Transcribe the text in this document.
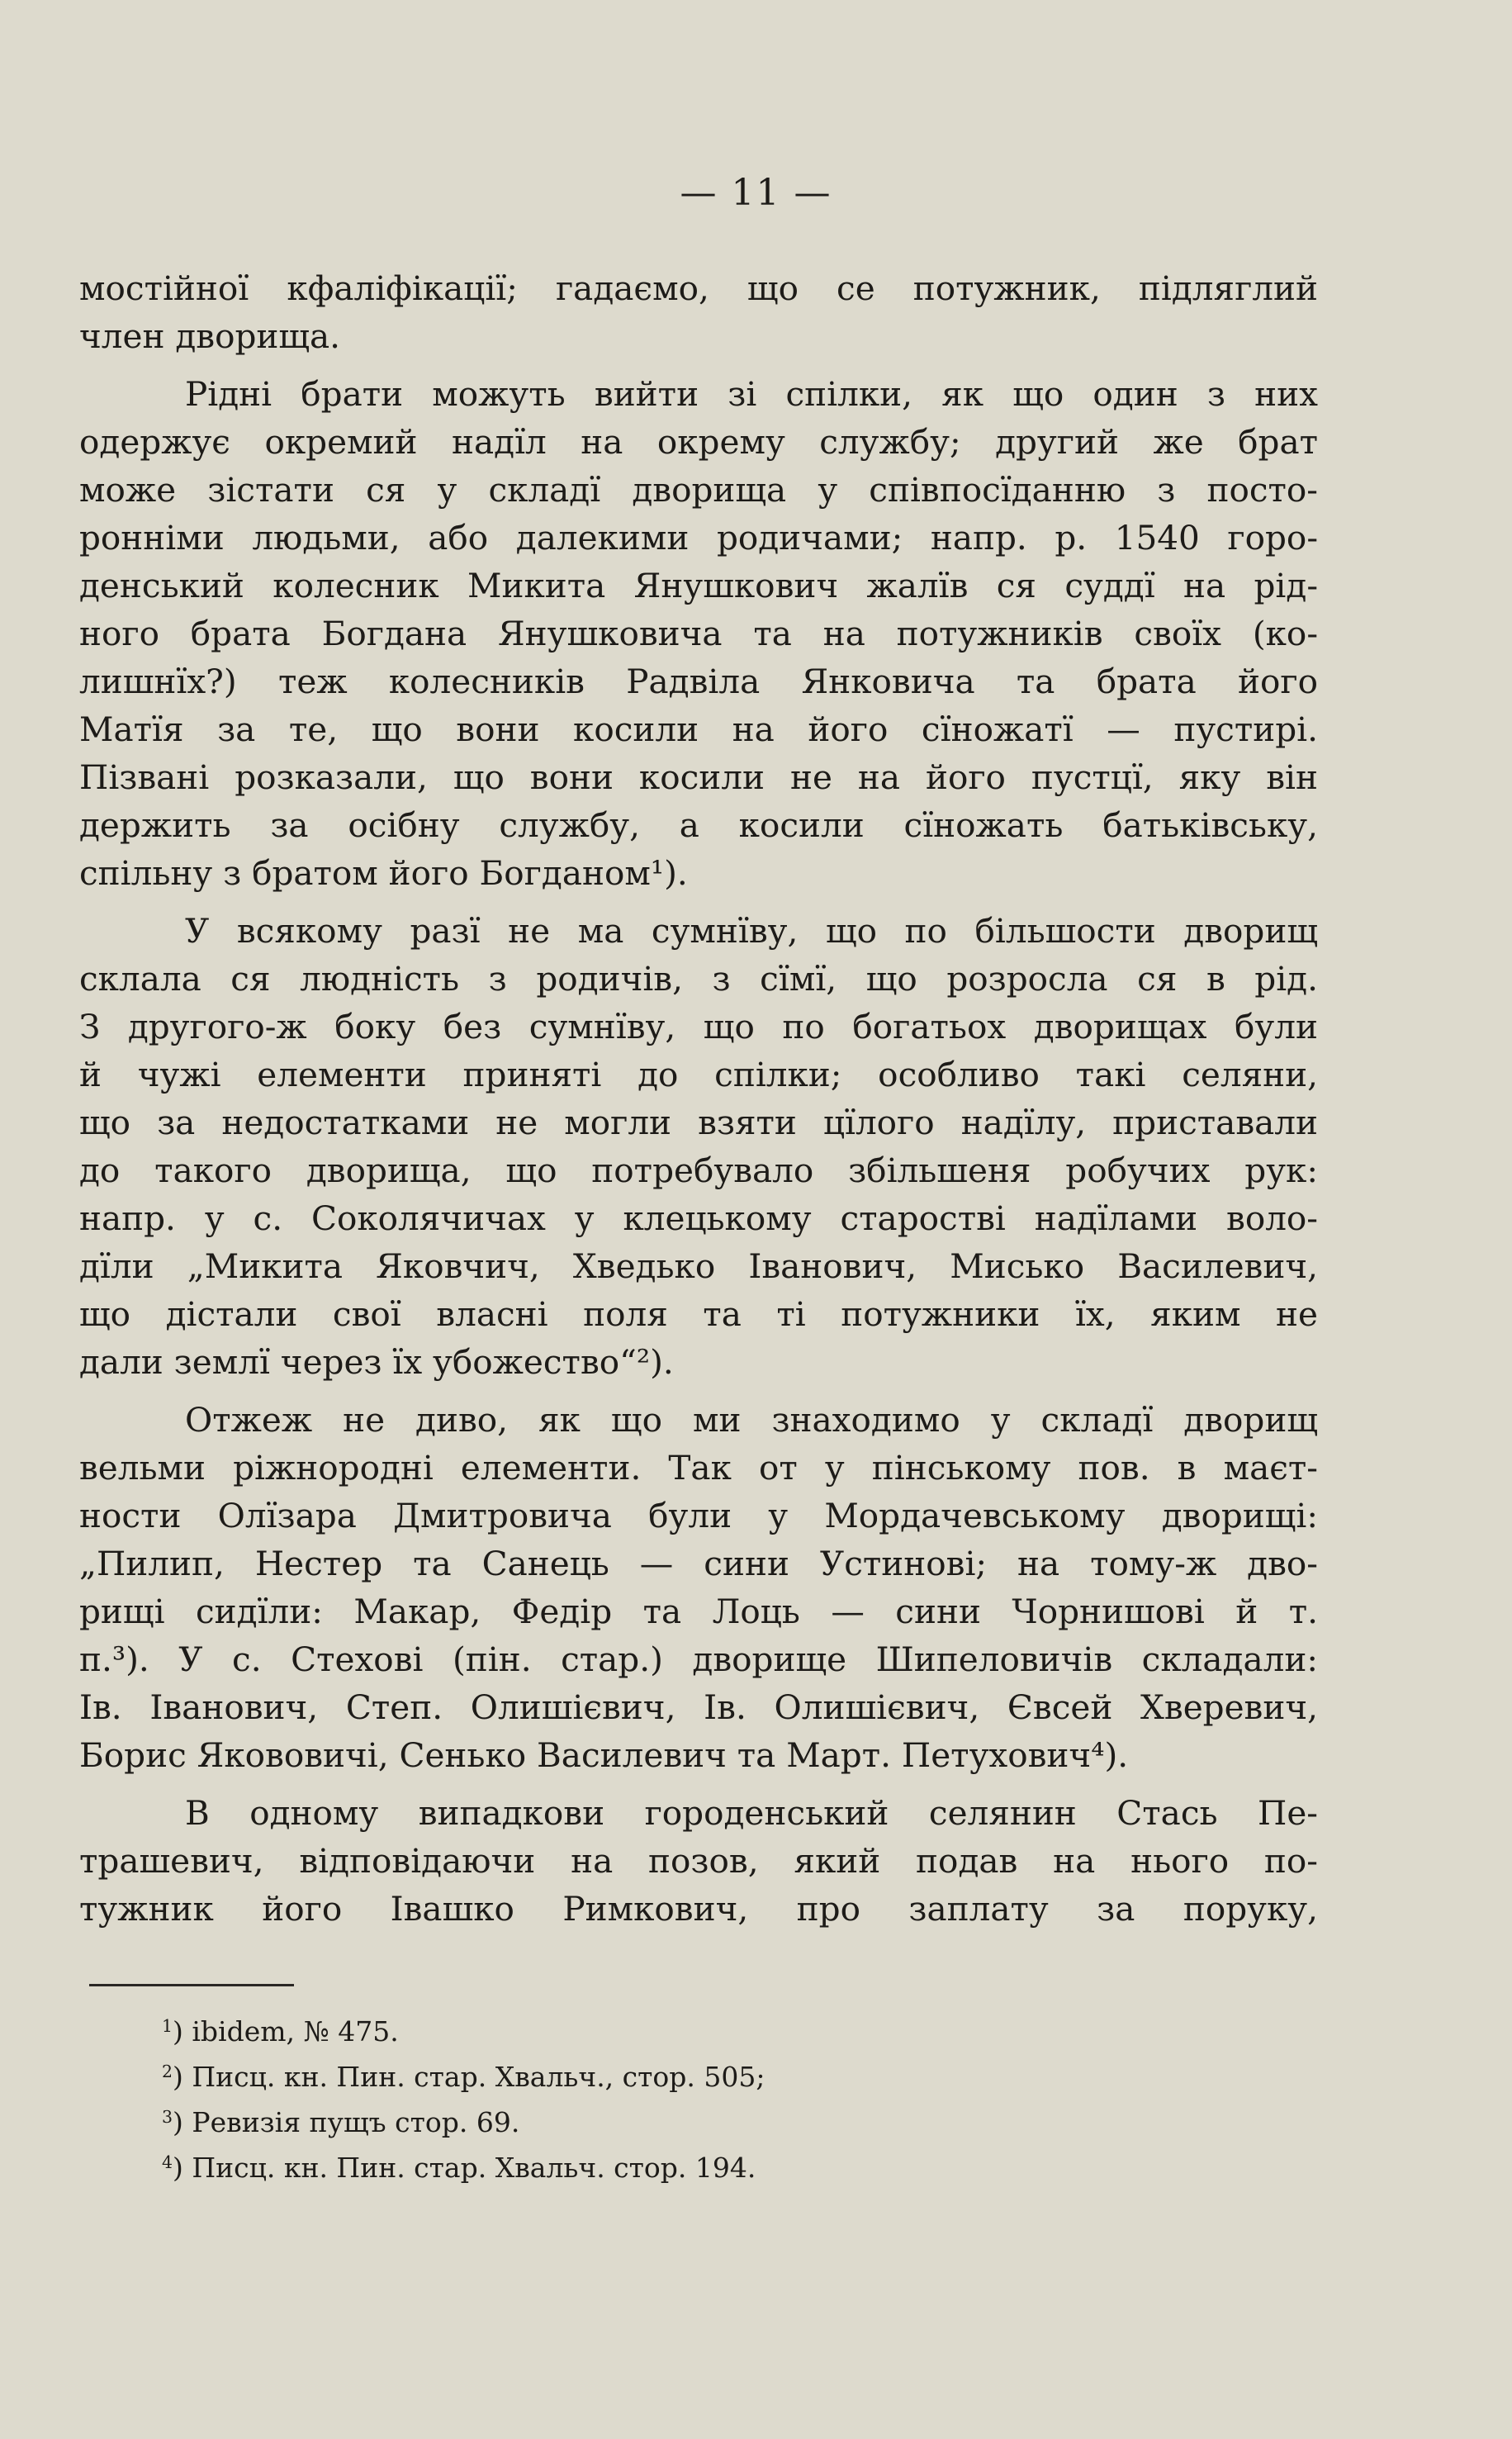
— 11 —

мостійної кфаліфікації; гадаємо, що се потужник, підляглий
член дворища.

Рідні брати можуть вийти зі спілки, як що один з них
одержує окремий надїл на окрему службу; другий же брат
може зістати ся у складї дворища у співпосїданню з посто-
ронніми людьми, або далекими родичами; напр. р. 1540 горо-
денський колесник Микита Янушкович жалїв ся суддї на рід-
ного брата Богдана Янушковича та на потужників своїх (ко-
лишнїх?) теж колесників Радвіла Янковича та брата його
Матїя за те, що вони косили на його сїножатї — пустирі.
Пізвані розказали, що вони косили не на його пустцї, яку він
держить за осібну службу, а косили сїножать батьківську,
спільну з братом його Богданом¹).

У всякому разї не ма сумнїву, що по більшости дворищ
склала ся людність з родичів, з сїмї, що розросла ся в рід.
З другого-ж боку без сумнїву, що по богатьох дворищах були
й чужі елементи приняті до спілки; особливо такі селяни,
що за недостатками не могли взяти цїлого надїлу, приставали
до такого дворища, що потребувало збільшеня робучих рук:
напр. у с. Соколячичах у клецькому старостві надїлами воло-
дїли „Микита Яковчич, Хведько Іванович, Мисько Василевич,
що дістали свої власні поля та ті потужники їх, яким не
дали землї через їх убожество“²).

Отжеж не диво, як що ми знаходимо у складї дворищ
вельми ріжнородні елементи. Так от у пінському пов. в маєт-
ности Олїзара Дмитровича були у Мордачевському дворищі:
„Пилип, Нестер та Санець — сини Устинові; на тому-ж дво-
рищі сидїли: Макар, Федір та Лоць — сини Чорнишові й т.
п.³). У с. Стехові (пін. стар.) дворище Шипеловичів складали:
Ів. Іванович, Степ. Олишієвич, Ів. Олишієвич, Євсей Хверевич,
Борис Якововичі, Сенько Василевич та Март. Петухович⁴).

В одному випадкови городенський селянин Стась Пе-
трашевич, відповідаючи на позов, який подав на нього по-
тужник його Івашко Римкович, про заплату за поруку,

$^1$) ibidem, № 475.
$^2$) Писц. кн. Пин. стар. Хвальч., стор. 505;
$^3$) Ревизія пущъ стор. 69.
$^4$) Писц. кн. Пин. стар. Хвальч. стор. 194.
